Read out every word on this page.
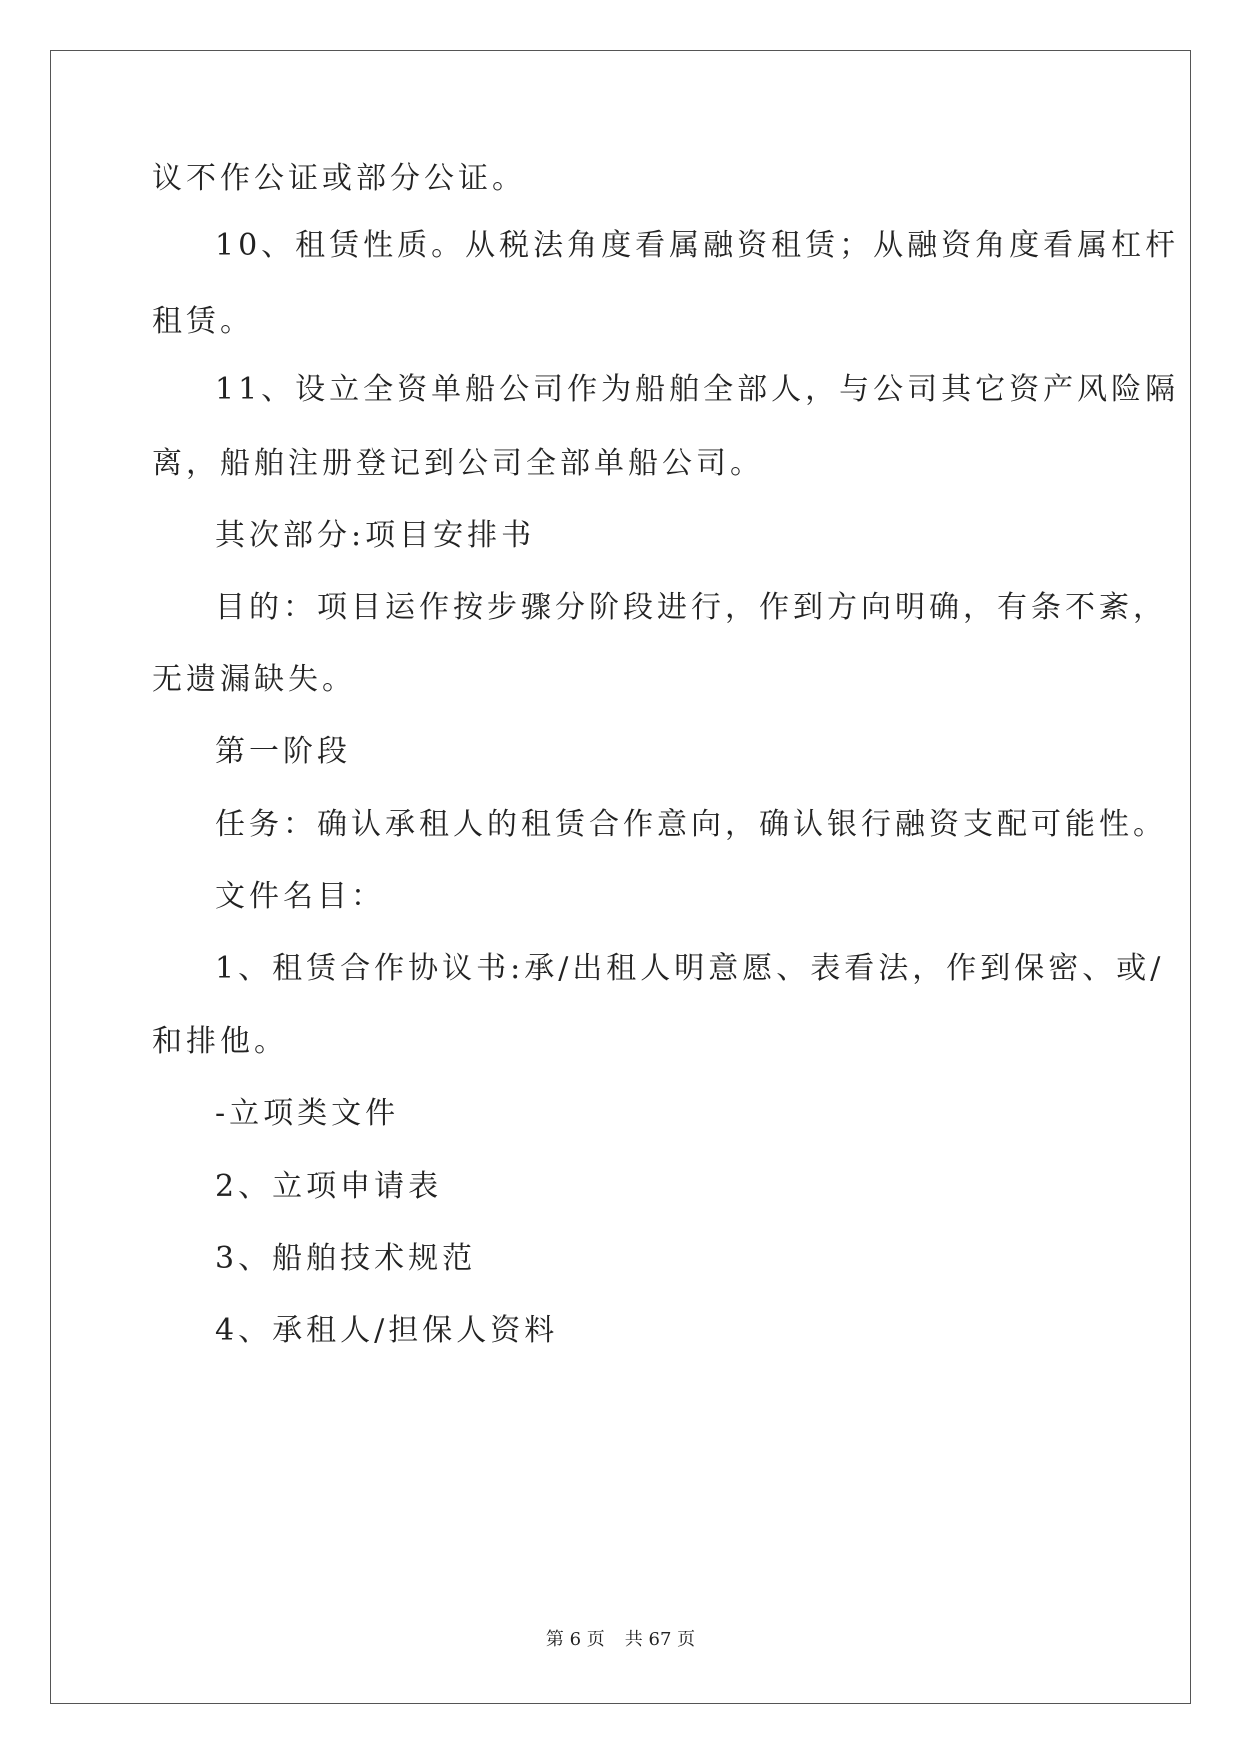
议不作公证或部分公证。
10、租赁性质。从税法角度看属融资租赁；从融资角度看属杠杆
租赁。
11、设立全资单船公司作为船舶全部人，与公司其它资产风险隔
离，船舶注册登记到公司全部单船公司。
其次部分:项目安排书
目的：项目运作按步骤分阶段进行，作到方向明确，有条不紊，
无遗漏缺失。
第一阶段
任务：确认承租人的租赁合作意向，确认银行融资支配可能性。
文件名目：
1、租赁合作协议书:承/出租人明意愿、表看法，作到保密、或/
和排他。
-立项类文件
2、立项申请表
3、船舶技术规范
4、承租人/担保人资料
第 6 页 共 67 页
